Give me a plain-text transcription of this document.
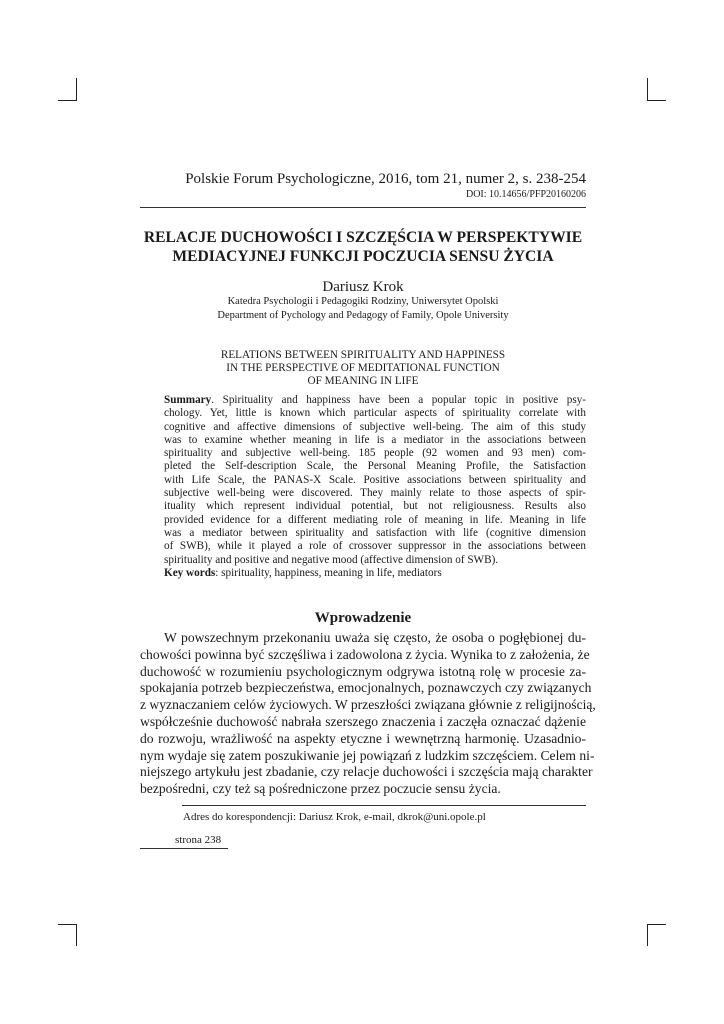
Polskie Forum Psychologiczne, 2016, tom 21, numer 2, s. 238-254
DOI: 10.14656/PFP20160206
RELACJE DUCHOWOŚCI I SZCZĘŚCIA W PERSPEKTYWIE
MEDIACYJNEJ FUNKCJI POCZUCIA SENSU ŻYCIA
Dariusz Krok
Katedra Psychologii i Pedagogiki Rodziny, Uniwersytet Opolski
Department of Pychology and Pedagogy of Family, Opole University
RELATIONS BETWEEN SPIRITUALITY AND HAPPINESS
IN THE PERSPECTIVE OF MEDITATIONAL FUNCTION
OF MEANING IN LIFE
Summary. Spirituality and happiness have been a popular topic in positive psy-
chology. Yet, little is known which particular aspects of spirituality correlate with
cognitive and affective dimensions of subjective well-being. The aim of this study
was to examine whether meaning in life is a mediator in the associations between
spirituality and subjective well-being. 185 people (92 women and 93 men) com-
pleted the Self-description Scale, the Personal Meaning Profile, the Satisfaction
with Life Scale, the PANAS-X Scale. Positive associations between spirituality and
subjective well-being were discovered. They mainly relate to those aspects of spir-
ituality which represent individual potential, but not religiousness. Results also
provided evidence for a different mediating role of meaning in life. Meaning in life
was a mediator between spirituality and satisfaction with life (cognitive dimension
of SWB), while it played a role of crossover suppressor in the associations between
spirituality and positive and negative mood (affective dimension of SWB).
Key words: spirituality, happiness, meaning in life, mediators
Wprowadzenie
W powszechnym przekonaniu uważa się często, że osoba o pogłębionej du-
chowości powinna być szczęśliwa i zadowolona z życia. Wynika to z założenia, że
duchowość w rozumieniu psychologicznym odgrywa istotną rolę w procesie za-
spokajania potrzeb bezpieczeństwa, emocjonalnych, poznawczych czy związanych
z wyznaczaniem celów życiowych. W przeszłości związana głównie z religijnością,
współcześnie duchowość nabrała szerszego znaczenia i zaczęła oznaczać dążenie
do rozwoju, wrażliwość na aspekty etyczne i wewnętrzną harmonię. Uzasadnio-
nym wydaje się zatem poszukiwanie jej powiązań z ludzkim szczęściem. Celem ni-
niejszego artykułu jest zbadanie, czy relacje duchowości i szczęścia mają charakter
bezpośredni, czy też są pośredniczone przez poczucie sensu życia.
Adres do korespondencji: Dariusz Krok, e-mail, dkrok@uni.opole.pl
strona 238
